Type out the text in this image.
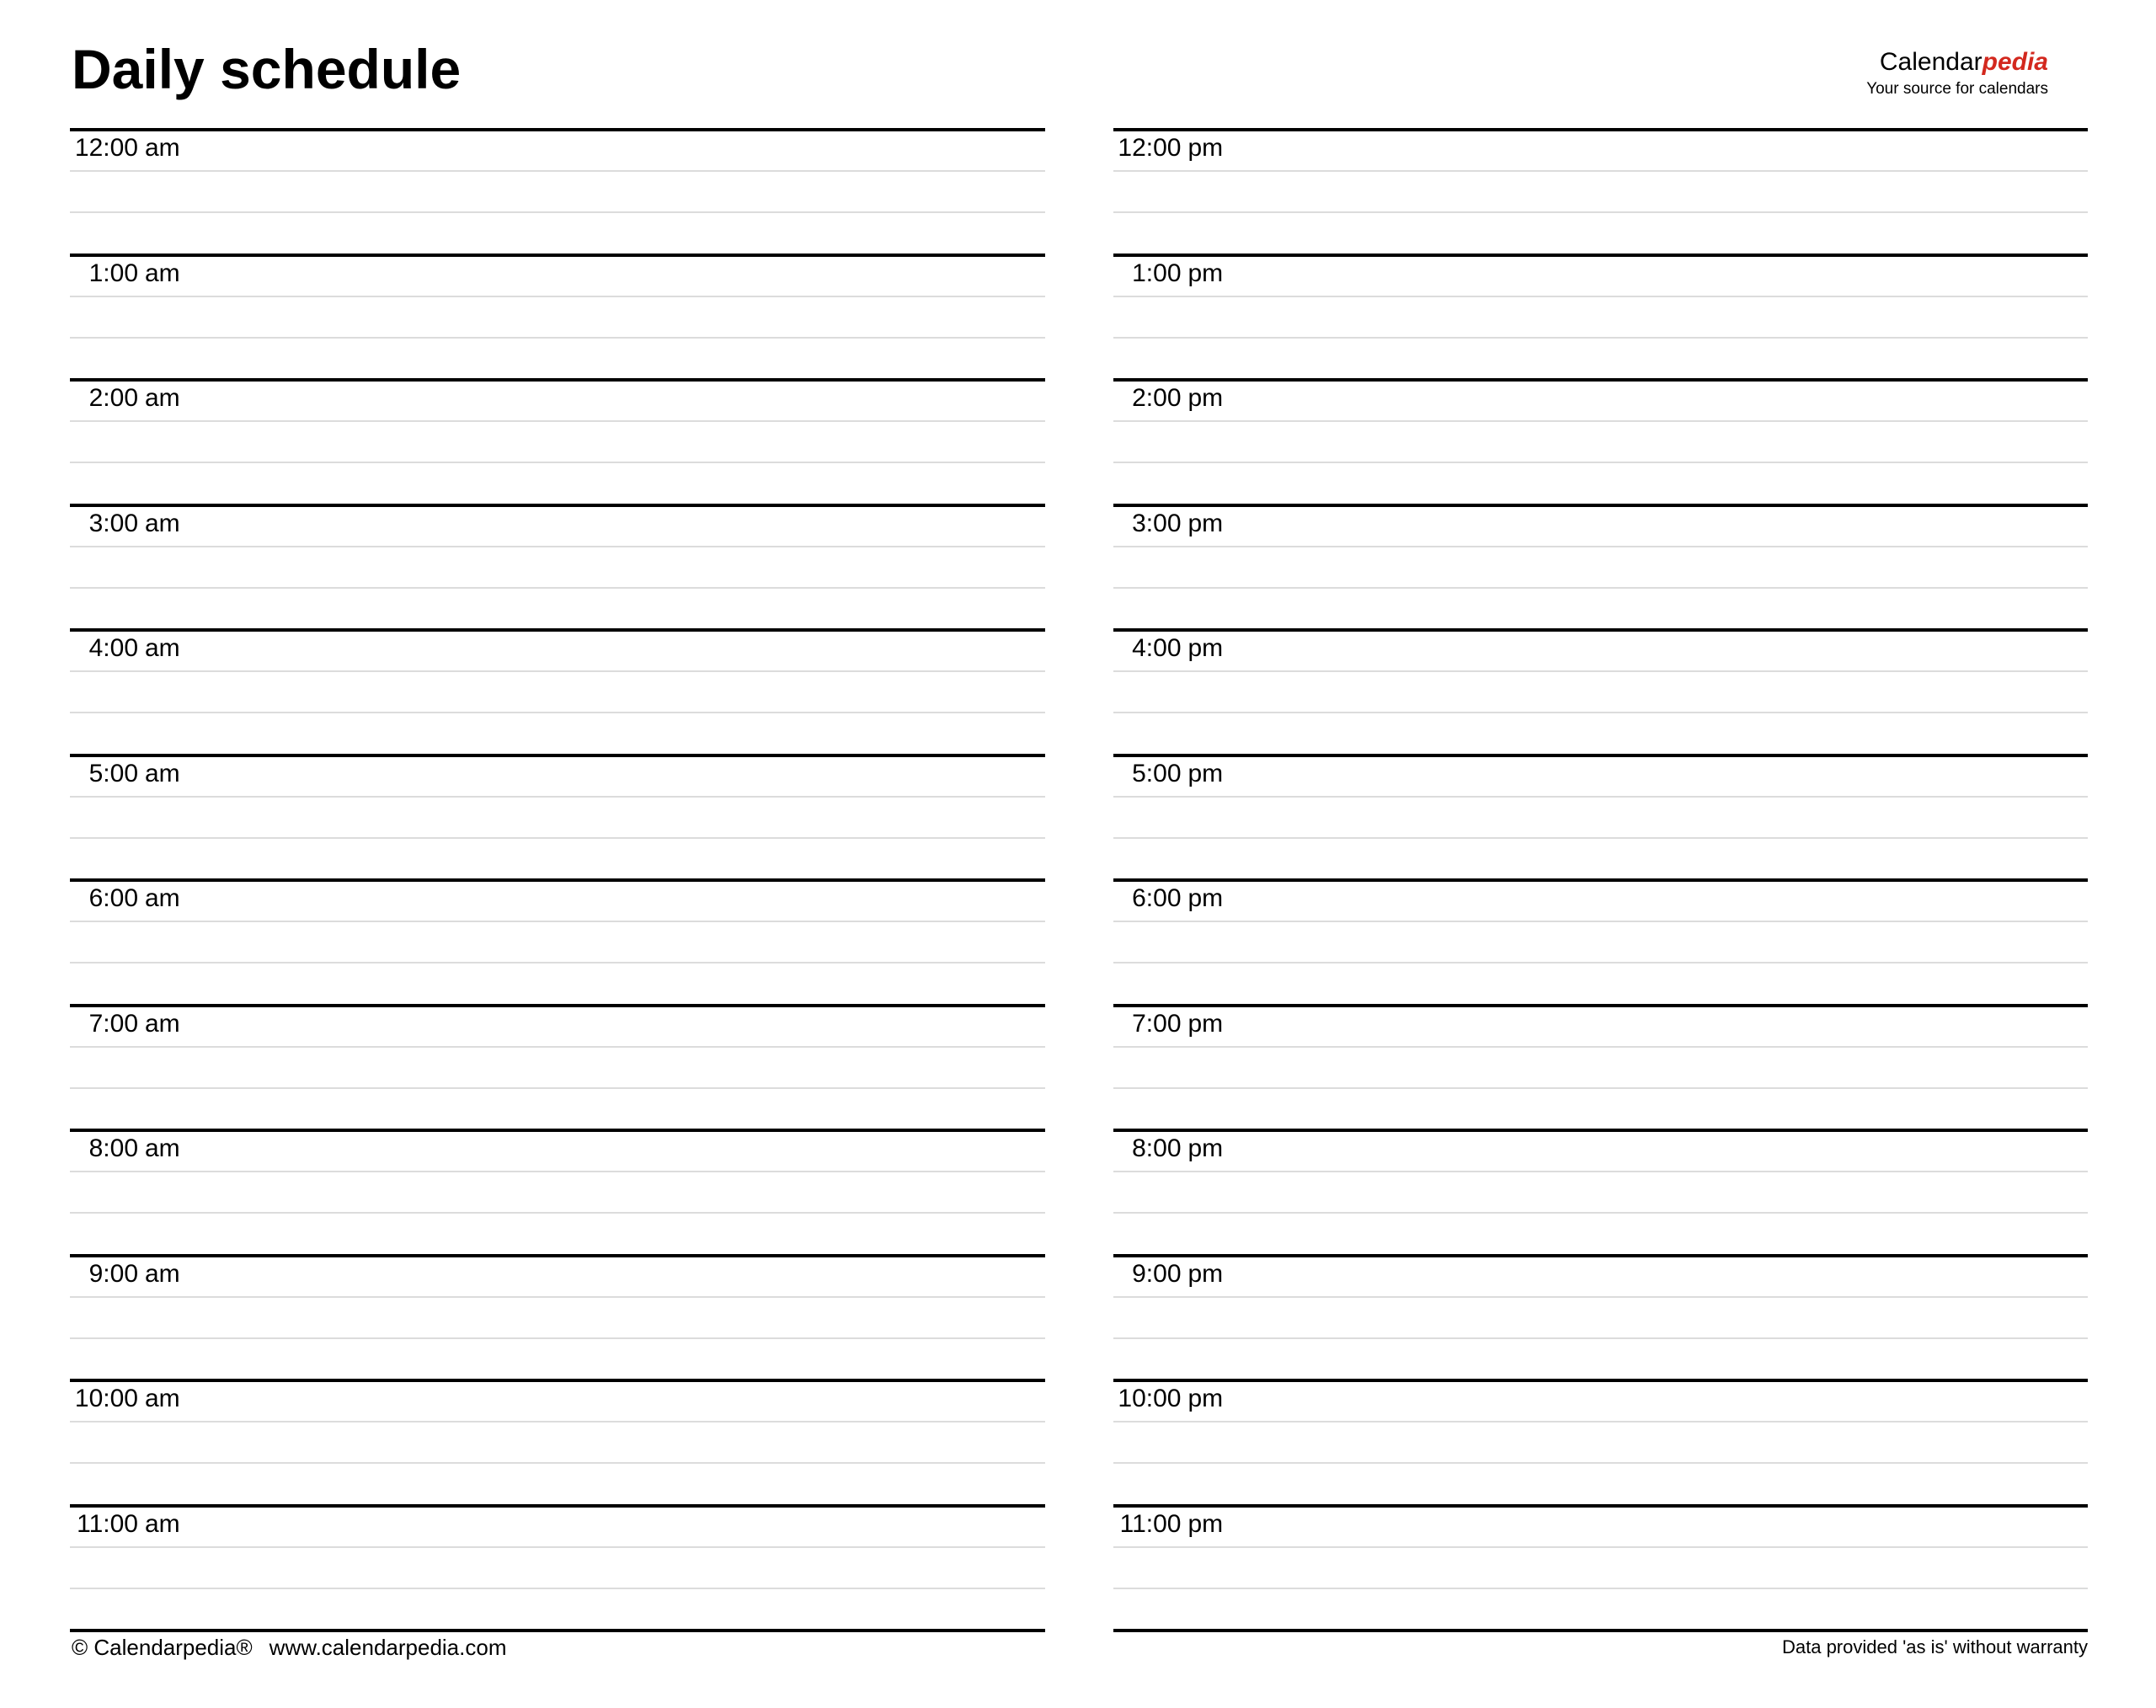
Daily schedule	Calendarpedia
Your source for calendars
12:00 am
1:00 am
2:00 am
3:00 am
4:00 am
5:00 am
6:00 am
7:00 am
8:00 am
9:00 am
10:00 am
11:00 am
12:00 pm
1:00 pm
2:00 pm
3:00 pm
4:00 pm
5:00 pm
6:00 pm
7:00 pm
8:00 pm
9:00 pm
10:00 pm
11:00 pm
© Calendarpedia® www.calendarpedia.com	Data provided 'as is' without warranty
